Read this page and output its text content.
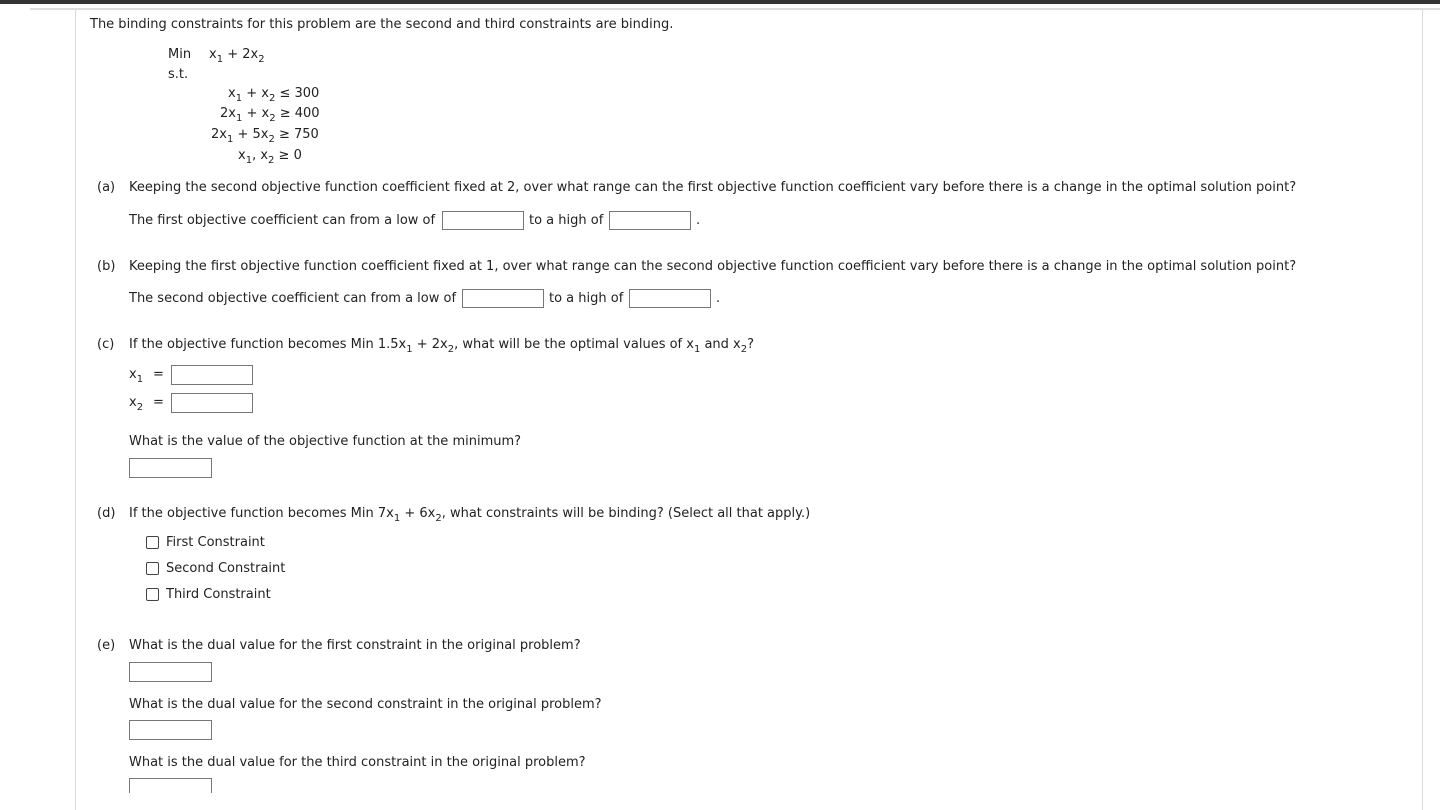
The binding constraints for this problem are the second and third constraints are binding.
Min $x_1 + 2x_2$
s.t.
$x_1 + x_2 \le 300$
$2x_1 + x_2 \ge 400$
$2x_1 + 5x_2 \ge 750$
$x_1$, $x_2 \ge 0$
(a) Keeping the second objective function coefficient fixed at 2, over what range can the first objective function coefficient vary before there is a change in the optimal solution point?
The first objective coefficient can from a low of	to a high of	.
(b) Keeping the first objective function coefficient fixed at 1, over what range can the second objective function coefficient vary before there is a change in the optimal solution point?
The second objective coefficient can from a low of	to a high of	.
(c) If the objective function becomes Min $1.5x_1 + 2x_2$, what will be the optimal values of $x_1$ and $x_2$?
$x_1$ =
$x_2$ =
What is the value of the objective function at the minimum?
(d) If the objective function becomes Min $7x_1 + 6x_2$, what constraints will be binding? (Select all that apply.)
First Constraint
Second Constraint
Third Constraint
(e) What is the dual value for the first constraint in the original problem?
What is the dual value for the second constraint in the original problem?
What is the dual value for the third constraint in the original problem?
